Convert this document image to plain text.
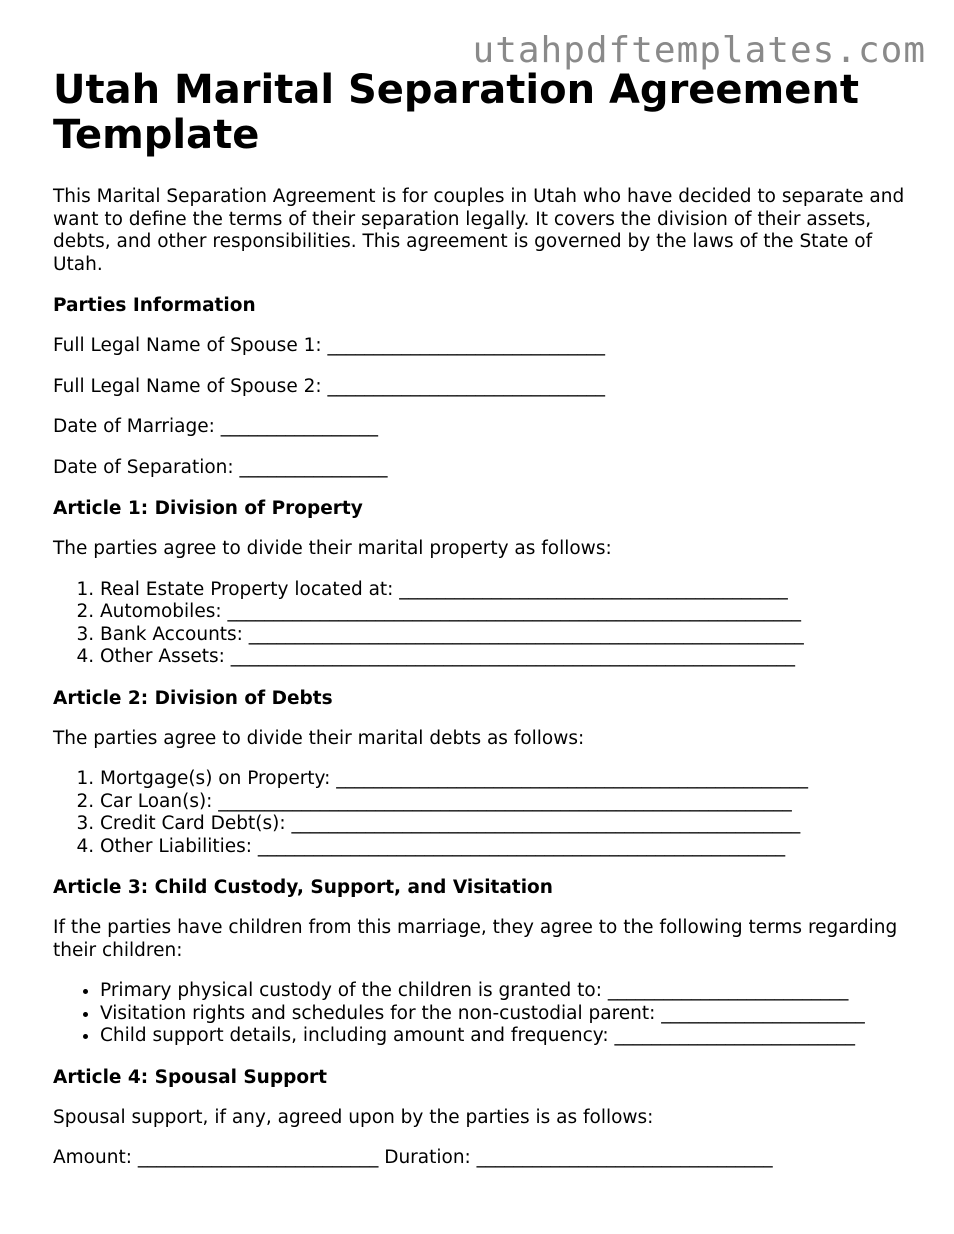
utahpdftemplates.com
Utah Marital Separation Agreement Template

This Marital Separation Agreement is for couples in Utah who have decided to separate and want to define the terms of their separation legally. It covers the division of their assets, debts, and other responsibilities. This agreement is governed by the laws of the State of Utah.

Parties Information
Full Legal Name of Spouse 1: ______________________________
Full Legal Name of Spouse 2: ______________________________
Date of Marriage: _________________
Date of Separation: ________________
Article 1: Division of Property

The parties agree to divide their marital property as follows:

1. Real Estate Property located at: __________________________________________
2. Automobiles: ______________________________________________________________
3. Bank Accounts: ____________________________________________________________
4. Other Assets: _____________________________________________________________
Article 2: Division of Debts

The parties agree to divide their marital debts as follows:

1. Mortgage(s) on Property: ___________________________________________________
2. Car Loan(s): ______________________________________________________________
3. Credit Card Debt(s): _______________________________________________________
4. Other Liabilities: _________________________________________________________
Article 3: Child Custody, Support, and Visitation

If the parties have children from this marriage, they agree to the following terms regarding their children:

• Primary physical custody of the children is granted to: __________________________
• Visitation rights and schedules for the non-custodial parent: ______________________
• Child support details, including amount and frequency: __________________________
Article 4: Spousal Support

Spousal support, if any, agreed upon by the parties is as follows:

Amount: __________________________ Duration: ________________________________
